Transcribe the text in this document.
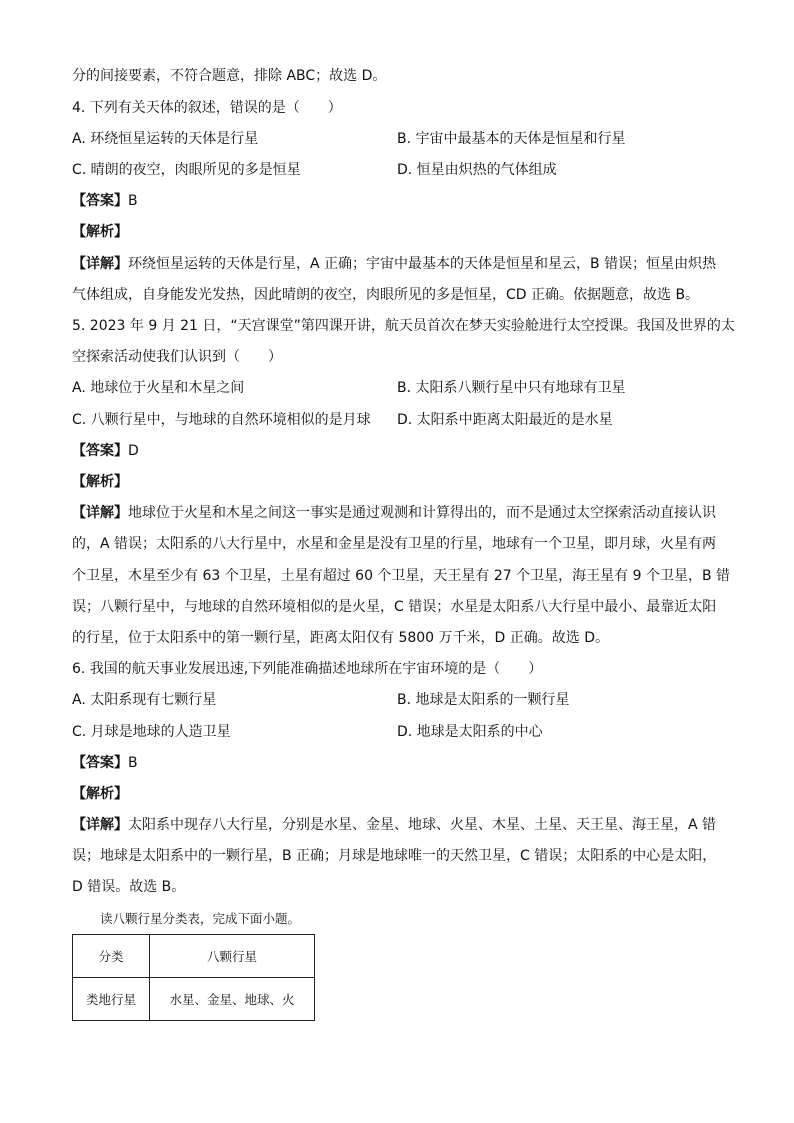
分的间接要素，不符合题意，排除 ABC；故选 D。
4. 下列有关天体的叙述，错误的是（　　）
A. 环绕恒星运转的天体是行星	B. 宇宙中最基本的天体是恒星和行星
C. 晴朗的夜空，肉眼所见的多是恒星	D. 恒星由炽热的气体组成
【答案】B
【解析】
【详解】环绕恒星运转的天体是行星，A 正确；宇宙中最基本的天体是恒星和星云，B 错误；恒星由炽热
气体组成，自身能发光发热，因此晴朗的夜空，肉眼所见的多是恒星，CD 正确。依据题意，故选 B。
5. 2023 年 9 月 21 日，“天宫课堂”第四课开讲，航天员首次在梦天实验舱进行太空授课。我国及世界的太
空探索活动使我们认识到（　　）
A. 地球位于火星和木星之间	B. 太阳系八颗行星中只有地球有卫星
C. 八颗行星中，与地球的自然环境相似的是月球 D. 太阳系中距离太阳最近的是水星
【答案】D
【解析】
【详解】地球位于火星和木星之间这一事实是通过观测和计算得出的，而不是通过太空探索活动直接认识
的，A 错误；太阳系的八大行星中，水星和金星是没有卫星的行星，地球有一个卫星，即月球，火星有两
个卫星，木星至少有 63 个卫星，土星有超过 60 个卫星，天王星有 27 个卫星，海王星有 9 个卫星，B 错
误；八颗行星中，与地球的自然环境相似的是火星，C 错误；水星是太阳系八大行星中最小、最靠近太阳
的行星，位于太阳系中的第一颗行星，距离太阳仅有 5800 万千米，D 正确。故选 D。
6. 我国的航天事业发展迅速,下列能准确描述地球所在宇宙环境的是（　　）
A. 太阳系现有七颗行星	B. 地球是太阳系的一颗行星
C. 月球是地球的人造卫星	D. 地球是太阳系的中心
【答案】B
【解析】
【详解】太阳系中现存八大行星，分别是水星、金星、地球、火星、木星、土星、天王星、海王星，A 错
误；地球是太阳系中的一颗行星，B 正确；月球是地球唯一的天然卫星，C 错误；太阳系的中心是太阳，
D 错误。故选 B。
读八颗行星分类表，完成下面小题。
分类	八颗行星
类地行星	水星、金星、地球、火
